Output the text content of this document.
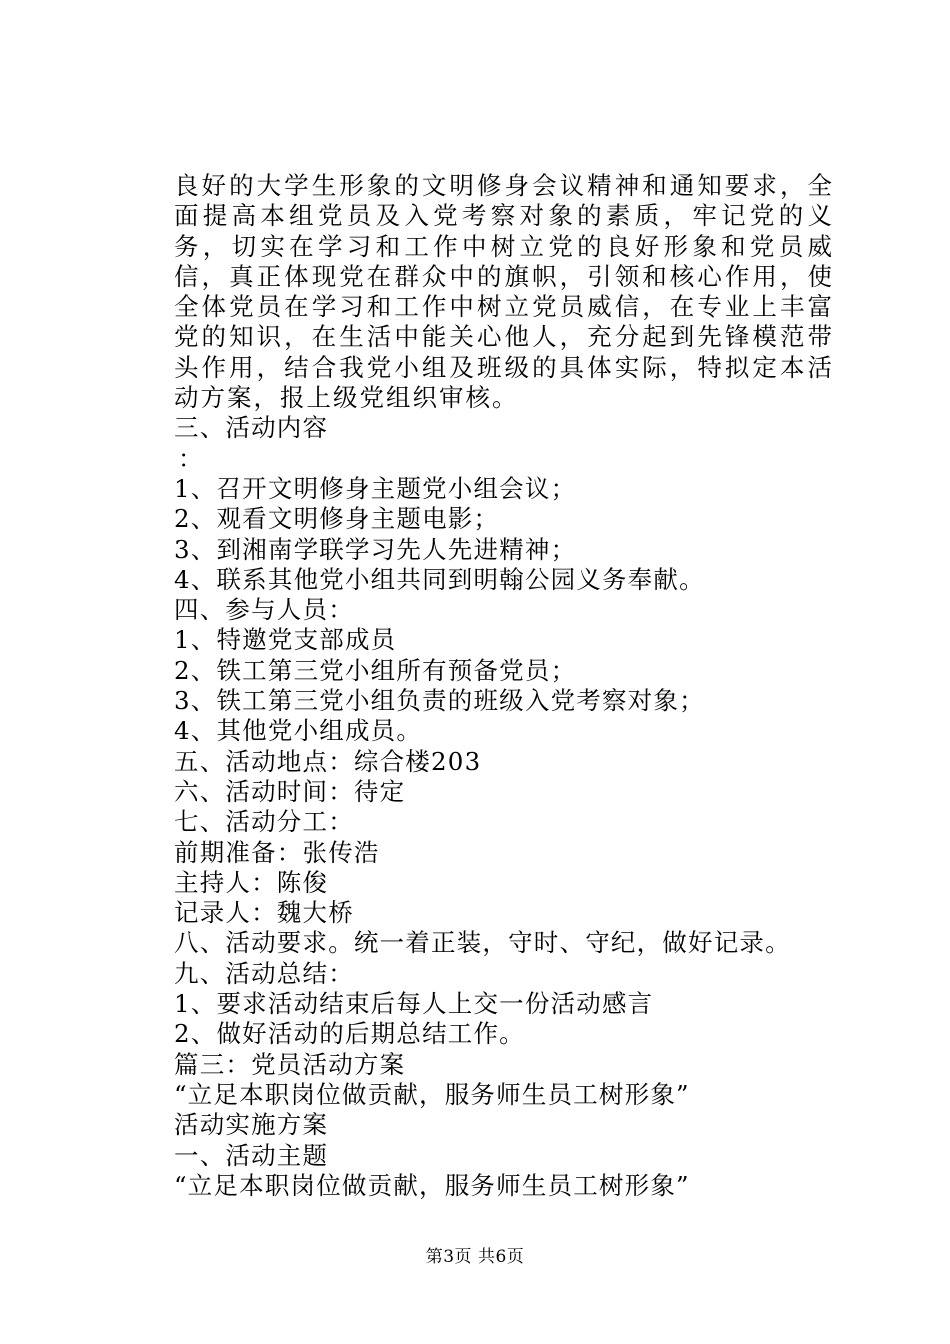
良好的大学生形象的文明修身会议精神和通知要求，全面提高本组党员及入党考察对象的素质，牢记党的义务，切实在学习和工作中树立党的良好形象和党员威信，真正体现党在群众中的旗帜，引领和核心作用，使全体党员在学习和工作中树立党员威信，在专业上丰富党的知识，在生活中能关心他人，充分起到先锋模范带头作用，结合我党小组及班级的具体实际，特拟定本活动方案，报上级党组织审核。

三、活动内容

：

1、召开文明修身主题党小组会议；

2、观看文明修身主题电影；

3、到湘南学联学习先人先进精神；

4、联系其他党小组共同到明翰公园义务奉献。

四、参与人员：

1、特邀党支部成员

2、铁工第三党小组所有预备党员；

3、铁工第三党小组负责的班级入党考察对象；

4、其他党小组成员。

五、活动地点：综合楼203

六、活动时间：待定

七、活动分工：

前期准备：张传浩

主持人：陈俊

记录人：魏大桥

八、活动要求。统一着正装，守时、守纪，做好记录。

九、活动总结：

1、要求活动结束后每人上交一份活动感言

2、做好活动的后期总结工作。

篇三：党员活动方案

“立足本职岗位做贡献，服务师生员工树形象”

活动实施方案

一、活动主题

“立足本职岗位做贡献，服务师生员工树形象”

第3页 共6页
